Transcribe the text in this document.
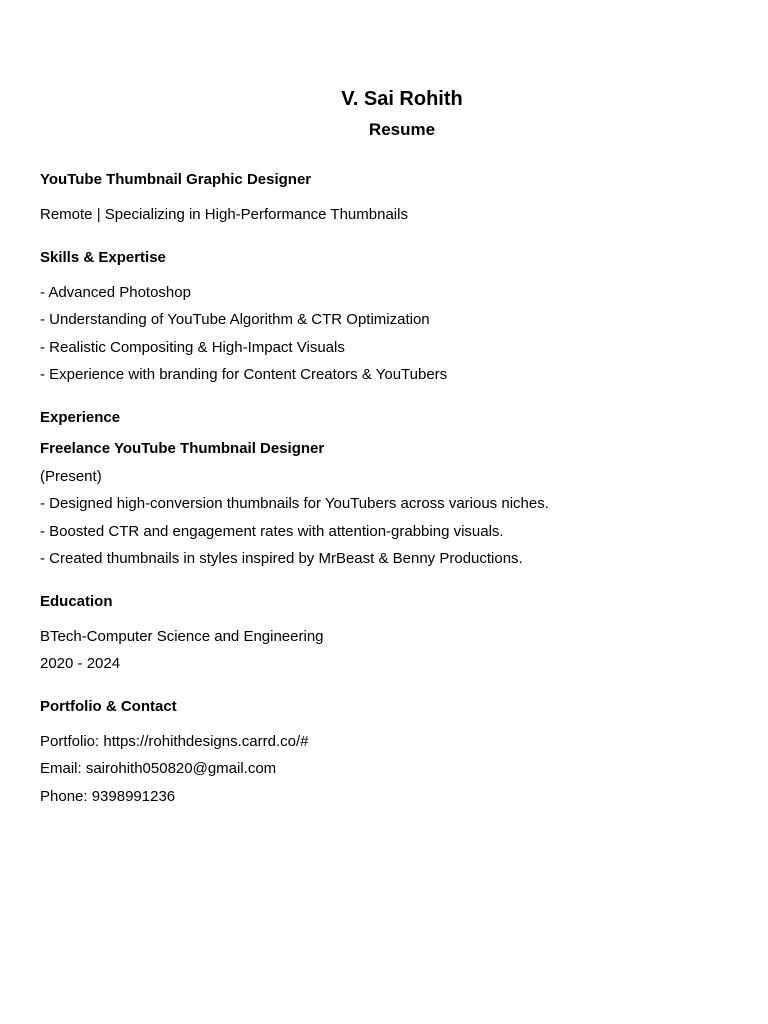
V. Sai Rohith
Resume
YouTube Thumbnail Graphic Designer
Remote | Specializing in High-Performance Thumbnails
Skills & Expertise
- Advanced Photoshop
- Understanding of YouTube Algorithm & CTR Optimization
- Realistic Compositing & High-Impact Visuals
- Experience with branding for Content Creators & YouTubers
Experience
Freelance YouTube Thumbnail Designer
(Present)
- Designed high-conversion thumbnails for YouTubers across various niches.
- Boosted CTR and engagement rates with attention-grabbing visuals.
- Created thumbnails in styles inspired by MrBeast & Benny Productions.
Education
BTech-Computer Science and Engineering
2020 - 2024
Portfolio & Contact
Portfolio: https://rohithdesigns.carrd.co/#
Email: sairohith050820@gmail.com
Phone: 9398991236
